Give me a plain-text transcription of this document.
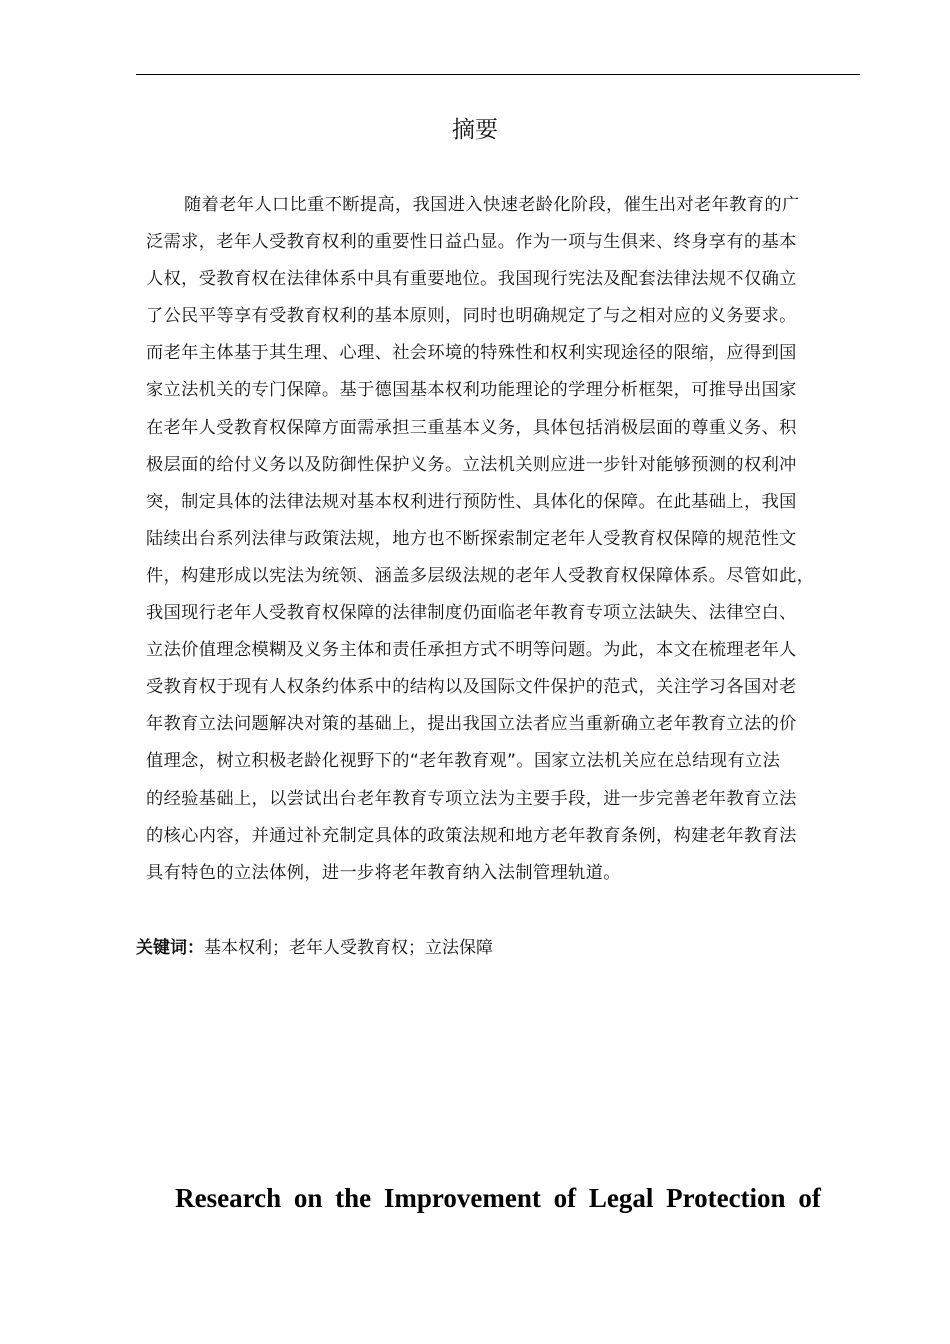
摘要
随着老年人口比重不断提高，我国进入快速老龄化阶段，催生出对老年教育的广
泛需求，老年人受教育权利的重要性日益凸显。作为一项与生俱来、终身享有的基本
人权，受教育权在法律体系中具有重要地位。我国现行宪法及配套法律法规不仅确立
了公民平等享有受教育权利的基本原则，同时也明确规定了与之相对应的义务要求。
而老年主体基于其生理、心理、社会环境的特殊性和权利实现途径的限缩，应得到国
家立法机关的专门保障。基于德国基本权利功能理论的学理分析框架，可推导出国家
在老年人受教育权保障方面需承担三重基本义务，具体包括消极层面的尊重义务、积
极层面的给付义务以及防御性保护义务。立法机关则应进一步针对能够预测的权利冲
突，制定具体的法律法规对基本权利进行预防性、具体化的保障。在此基础上，我国
陆续出台系列法律与政策法规，地方也不断探索制定老年人受教育权保障的规范性文
件，构建形成以宪法为统领、涵盖多层级法规的老年人受教育权保障体系。尽管如此，
我国现行老年人受教育权保障的法律制度仍面临老年教育专项立法缺失、法律空白、
立法价值理念模糊及义务主体和责任承担方式不明等问题。为此，本文在梳理老年人
受教育权于现有人权条约体系中的结构以及国际文件保护的范式，关注学习各国对老
年教育立法问题解决对策的基础上，提出我国立法者应当重新确立老年教育立法的价
值理念，树立积极老龄化视野下的“老年教育观”。国家立法机关应在总结现有立法
的经验基础上，以尝试出台老年教育专项立法为主要手段，进一步完善老年教育立法
的核心内容，并通过补充制定具体的政策法规和地方老年教育条例，构建老年教育法
具有特色的立法体例，进一步将老年教育纳入法制管理轨道。
关键词：基本权利；老年人受教育权；立法保障
Research on the Improvement of Legal Protection of
